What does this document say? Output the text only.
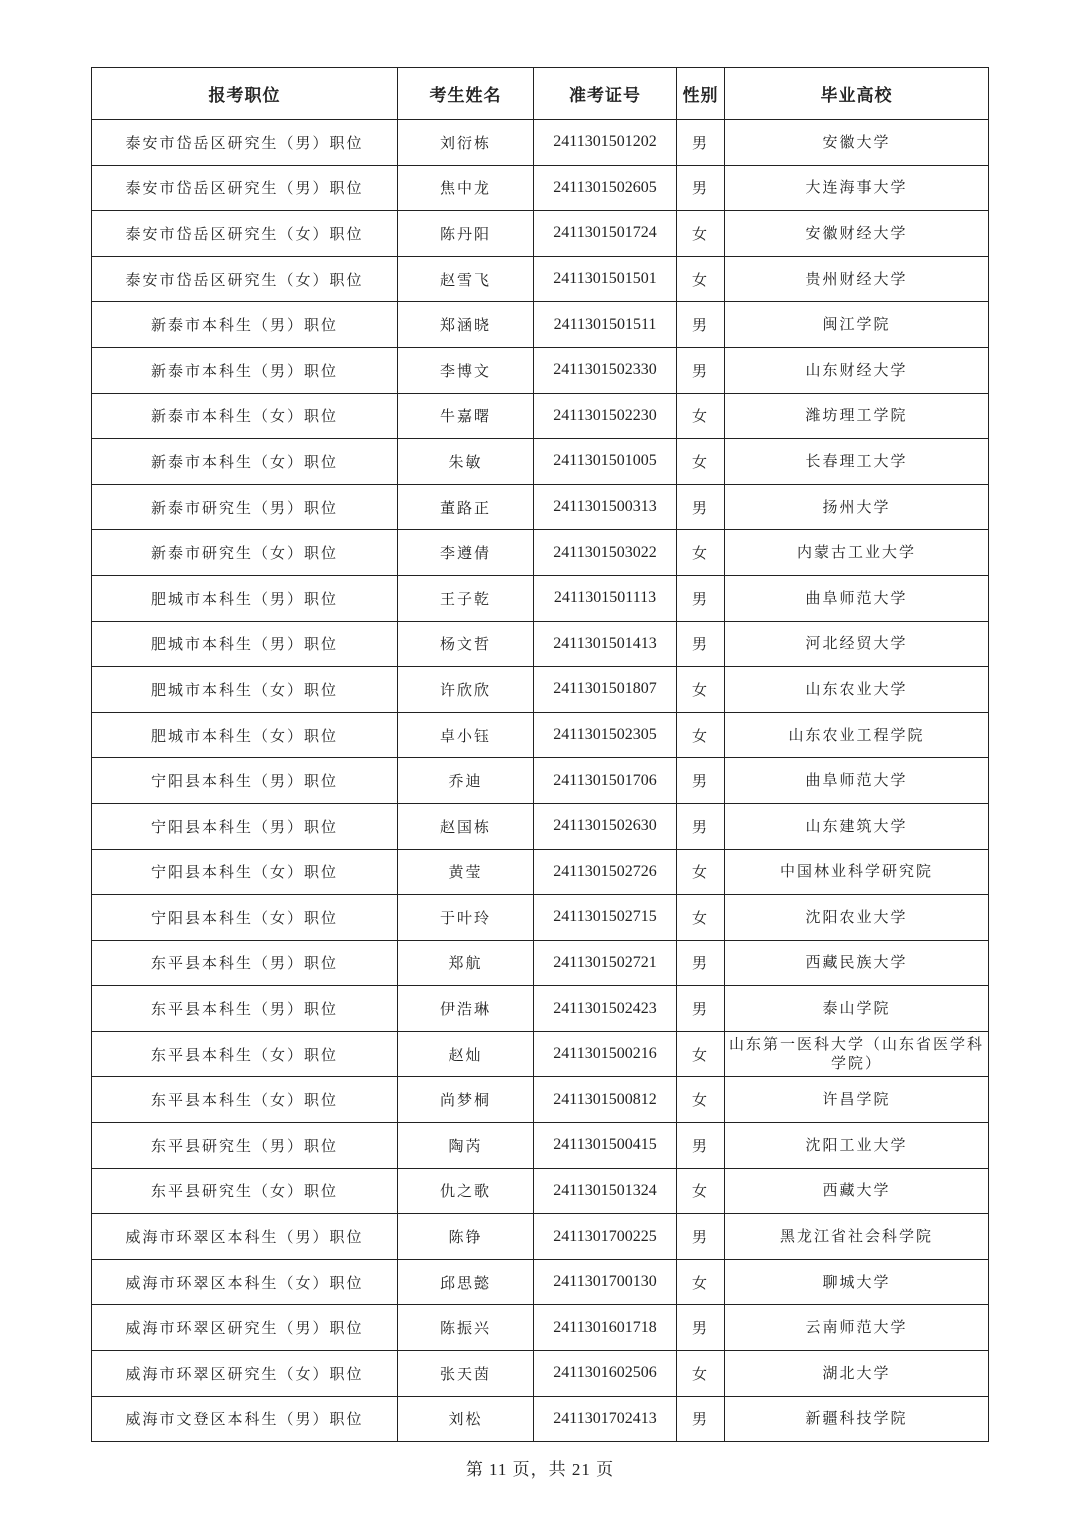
报考职位	考生姓名	准考证号	性别	毕业高校
泰安市岱岳区研究生（男）职位	刘衍栋	2411301501202	男	安徽大学
泰安市岱岳区研究生（男）职位	焦中龙	2411301502605	男	大连海事大学
泰安市岱岳区研究生（女）职位	陈丹阳	2411301501724	女	安徽财经大学
泰安市岱岳区研究生（女）职位	赵雪飞	2411301501501	女	贵州财经大学
新泰市本科生（男）职位	郑涵晓	2411301501511	男	闽江学院
新泰市本科生（男）职位	李博文	2411301502330	男	山东财经大学
新泰市本科生（女）职位	牛嘉曙	2411301502230	女	潍坊理工学院
新泰市本科生（女）职位	朱敏	2411301501005	女	长春理工大学
新泰市研究生（男）职位	董路正	2411301500313	男	扬州大学
新泰市研究生（女）职位	李遵倩	2411301503022	女	内蒙古工业大学
肥城市本科生（男）职位	王子乾	2411301501113	男	曲阜师范大学
肥城市本科生（男）职位	杨文哲	2411301501413	男	河北经贸大学
肥城市本科生（女）职位	许欣欣	2411301501807	女	山东农业大学
肥城市本科生（女）职位	卓小钰	2411301502305	女	山东农业工程学院
宁阳县本科生（男）职位	乔迪	2411301501706	男	曲阜师范大学
宁阳县本科生（男）职位	赵国栋	2411301502630	男	山东建筑大学
宁阳县本科生（女）职位	黄莹	2411301502726	女	中国林业科学研究院
宁阳县本科生（女）职位	于叶玲	2411301502715	女	沈阳农业大学
东平县本科生（男）职位	郑航	2411301502721	男	西藏民族大学
东平县本科生（男）职位	伊浩琳	2411301502423	男	泰山学院
东平县本科生（女）职位	赵灿	2411301500216	女	山东第一医科大学（山东省医学科学院）
东平县本科生（女）职位	尚梦桐	2411301500812	女	许昌学院
东平县研究生（男）职位	陶芮	2411301500415	男	沈阳工业大学
东平县研究生（女）职位	仇之歌	2411301501324	女	西藏大学
威海市环翠区本科生（男）职位	陈铮	2411301700225	男	黑龙江省社会科学院
威海市环翠区本科生（女）职位	邱思懿	2411301700130	女	聊城大学
威海市环翠区研究生（男）职位	陈振兴	2411301601718	男	云南师范大学
威海市环翠区研究生（女）职位	张天茵	2411301602506	女	湖北大学
威海市文登区本科生（男）职位	刘松	2411301702413	男	新疆科技学院
第 11 页，共 21 页
